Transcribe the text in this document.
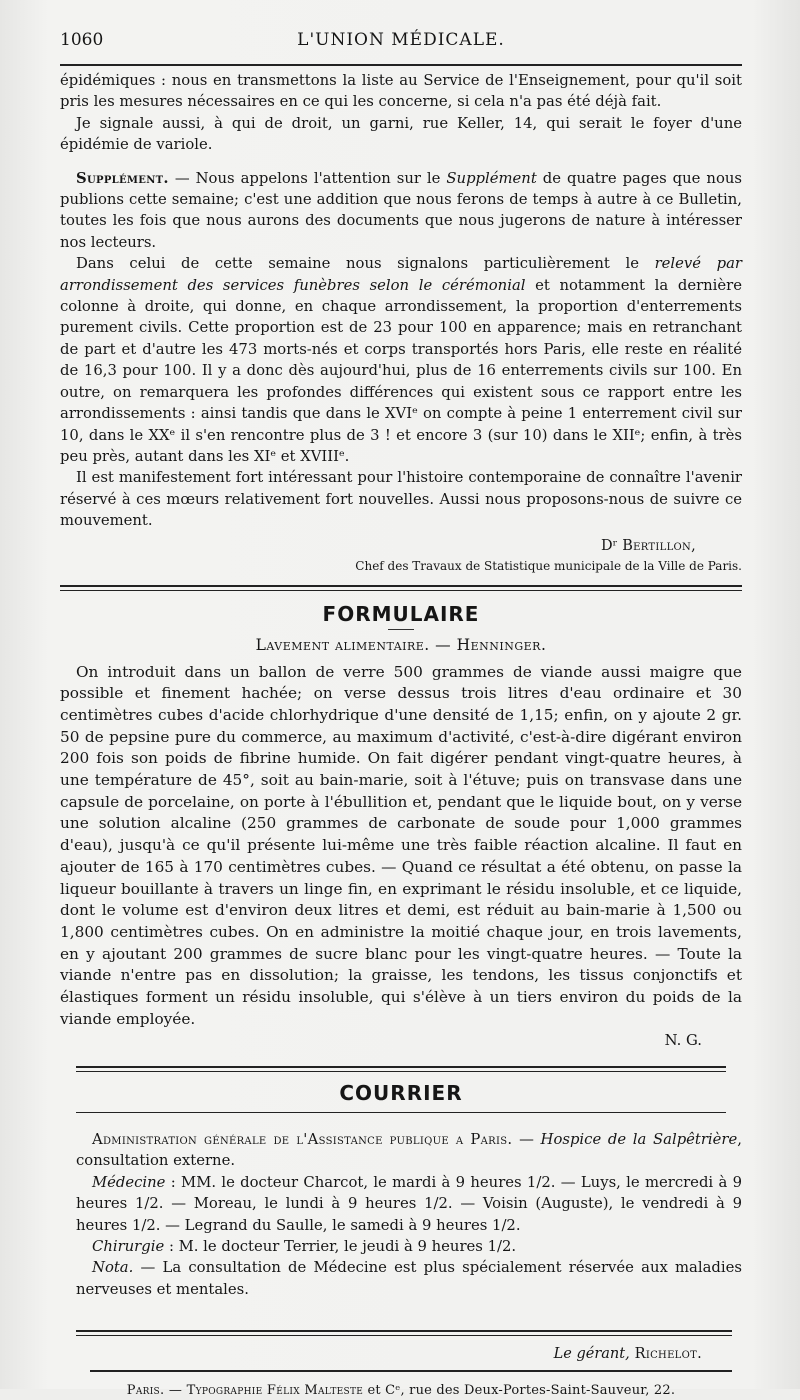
1060	L'UNION MÉDICALE.

épidémiques : nous en transmettons la liste au Service de l'Enseignement, pour qu'il soit pris les mesures nécessaires en ce qui les concerne, si cela n'a pas été déjà fait.

Je signale aussi, à qui de droit, un garni, rue Keller, 14, qui serait le foyer d'une épidémie de variole.

Supplément. — Nous appelons l'attention sur le Supplément de quatre pages que nous publions cette semaine; c'est une addition que nous ferons de temps à autre à ce Bulletin, toutes les fois que nous aurons des documents que nous jugerons de nature à intéresser nos lecteurs.

Dans celui de cette semaine nous signalons particulièrement le relevé par arrondissement des services funèbres selon le cérémonial et notamment la dernière colonne à droite, qui donne, en chaque arrondissement, la proportion d'enterrements purement civils. Cette proportion est de 23 pour 100 en apparence; mais en retranchant de part et d'autre les 473 morts-nés et corps transportés hors Paris, elle reste en réalité de 16,3 pour 100. Il y a donc dès aujourd'hui, plus de 16 enterrements civils sur 100. En outre, on remarquera les profondes différences qui existent sous ce rapport entre les arrondissements : ainsi tandis que dans le XVIᵉ on compte à peine 1 enterrement civil sur 10, dans le XXᵉ il s'en rencontre plus de 3 ! et encore 3 (sur 10) dans le XIIᵉ; enfin, à très peu près, autant dans les XIᵉ et XVIIIᵉ.

Il est manifestement fort intéressant pour l'histoire contemporaine de connaître l'avenir réservé à ces mœurs relativement fort nouvelles. Aussi nous proposons-nous de suivre ce mouvement.

Dʳ Bertillon,
Chef des Travaux de Statistique municipale de la Ville de Paris.
FORMULAIRE
Lavement alimentaire. — Henninger.

On introduit dans un ballon de verre 500 grammes de viande aussi maigre que possible et finement hachée; on verse dessus trois litres d'eau ordinaire et 30 centimètres cubes d'acide chlorhydrique d'une densité de 1,15; enfin, on y ajoute 2 gr. 50 de pepsine pure du commerce, au maximum d'activité, c'est-à-dire digérant environ 200 fois son poids de fibrine humide. On fait digérer pendant vingt-quatre heures, à une température de 45°, soit au bain-marie, soit à l'étuve; puis on transvase dans une capsule de porcelaine, on porte à l'ébullition et, pendant que le liquide bout, on y verse une solution alcaline (250 grammes de carbonate de soude pour 1,000 grammes d'eau), jusqu'à ce qu'il présente lui-même une très faible réaction alcaline. Il faut en ajouter de 165 à 170 centimètres cubes. — Quand ce résultat a été obtenu, on passe la liqueur bouillante à travers un linge fin, en exprimant le résidu insoluble, et ce liquide, dont le volume est d'environ deux litres et demi, est réduit au bain-marie à 1,500 ou 1,800 centimètres cubes. On en administre la moitié chaque jour, en trois lavements, en y ajoutant 200 grammes de sucre blanc pour les vingt-quatre heures. — Toute la viande n'entre pas en dissolution; la graisse, les tendons, les tissus conjonctifs et élastiques forment un résidu insoluble, qui s'élève à un tiers environ du poids de la viande employée.

N. G.
COURRIER

Administration générale de l'Assistance publique a Paris. — Hospice de la Salpêtrière, consultation externe.

Médecine : MM. le docteur Charcot, le mardi à 9 heures 1/2. — Luys, le mercredi à 9 heures 1/2. — Moreau, le lundi à 9 heures 1/2. — Voisin (Auguste), le vendredi à 9 heures 1/2. — Legrand du Saulle, le samedi à 9 heures 1/2.

Chirurgie : M. le docteur Terrier, le jeudi à 9 heures 1/2.

Nota. — La consultation de Médecine est plus spécialement réservée aux maladies nerveuses et mentales.

Le gérant, Richelot.
Paris. — Typographie Félix Malteste et Cᵉ, rue des Deux-Portes-Saint-Sauveur, 22.
